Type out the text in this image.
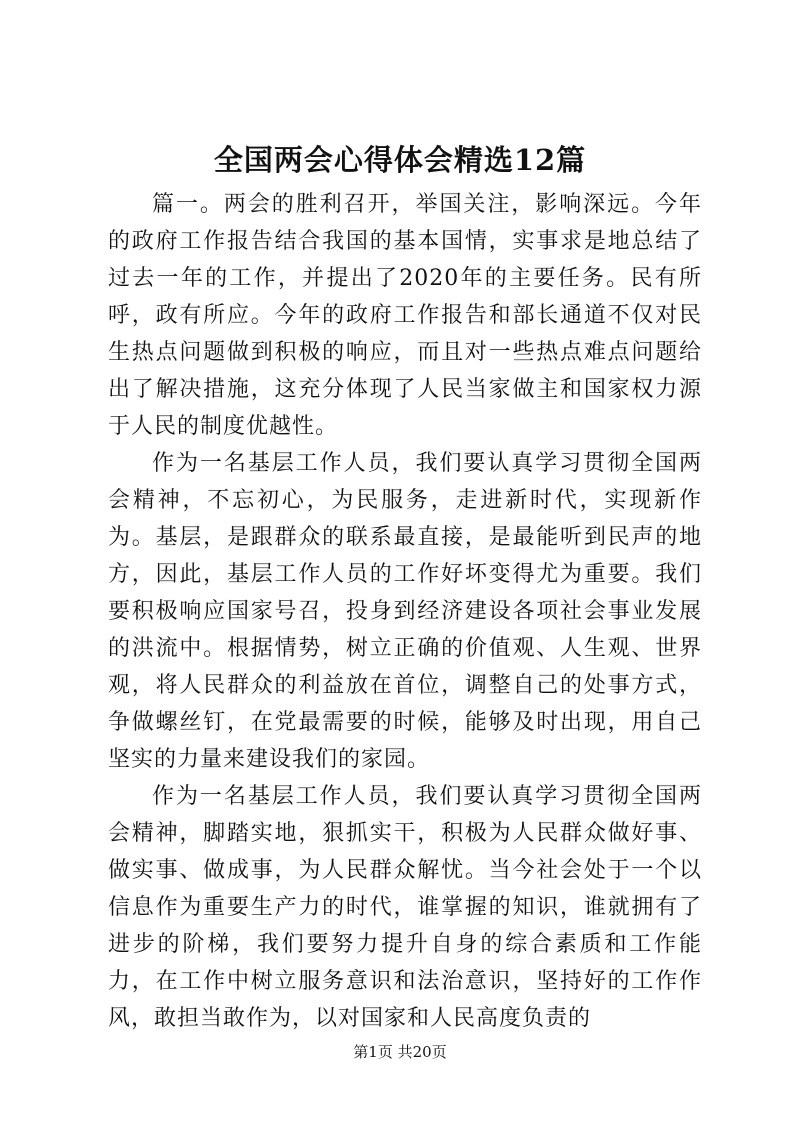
全国两会心得体会精选12篇

篇一。两会的胜利召开，举国关注，影响深远。今年的政府工作报告结合我国的基本国情，实事求是地总结了过去一年的工作，并提出了2020年的主要任务。民有所呼，政有所应。今年的政府工作报告和部长通道不仅对民生热点问题做到积极的响应，而且对一些热点难点问题给出了解决措施，这充分体现了人民当家做主和国家权力源于人民的制度优越性。

作为一名基层工作人员，我们要认真学习贯彻全国两会精神，不忘初心，为民服务，走进新时代，实现新作为。基层，是跟群众的联系最直接，是最能听到民声的地方，因此，基层工作人员的工作好坏变得尤为重要。我们要积极响应国家号召，投身到经济建设各项社会事业发展的洪流中。根据情势，树立正确的价值观、人生观、世界观，将人民群众的利益放在首位，调整自己的处事方式，争做螺丝钉，在党最需要的时候，能够及时出现，用自己坚实的力量来建设我们的家园。

作为一名基层工作人员，我们要认真学习贯彻全国两会精神，脚踏实地，狠抓实干，积极为人民群众做好事、做实事、做成事，为人民群众解忧。当今社会处于一个以信息作为重要生产力的时代，谁掌握的知识，谁就拥有了进步的阶梯，我们要努力提升自身的综合素质和工作能力，在工作中树立服务意识和法治意识，坚持好的工作作风，敢担当敢作为，以对国家和人民高度负责的

第1页 共20页
